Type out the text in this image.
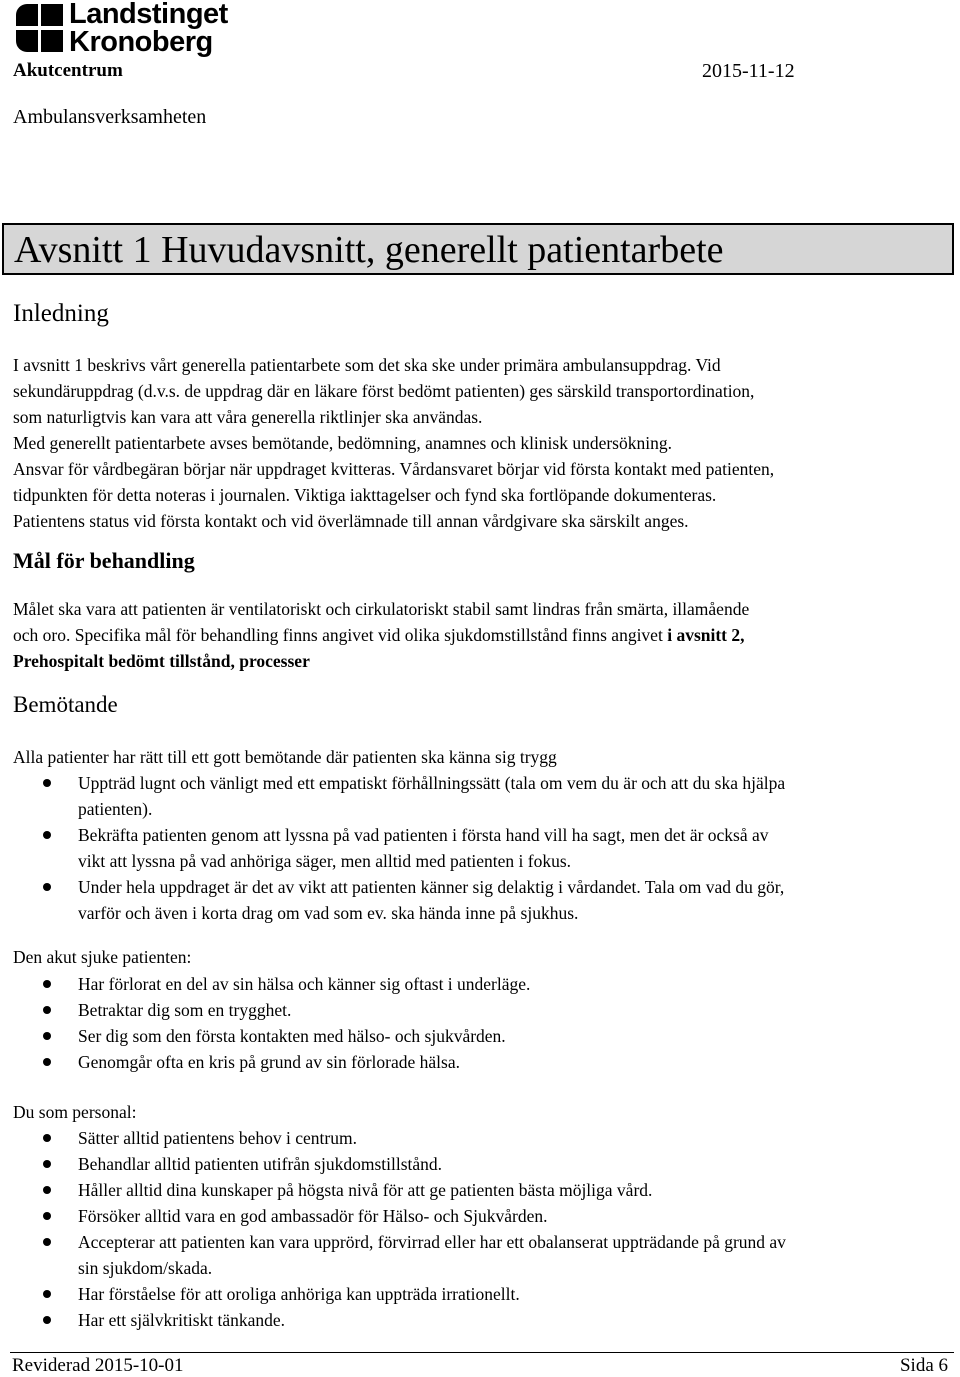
Landstinget
Kronoberg
Akutcentrum	2015-11-12
Ambulansverksamheten
Avsnitt 1 Huvudavsnitt, generellt patientarbete
Inledning
I avsnitt 1 beskrivs vårt generella patientarbete som det ska ske under primära ambulansuppdrag. Vid
sekundäruppdrag (d.v.s. de uppdrag där en läkare först bedömt patienten) ges särskild transportordination,
som naturligtvis kan vara att våra generella riktlinjer ska användas.
Med generellt patientarbete avses bemötande, bedömning, anamnes och klinisk undersökning.
Ansvar för vårdbegäran börjar när uppdraget kvitteras. Vårdansvaret börjar vid första kontakt med patienten,
tidpunkten för detta noteras i journalen. Viktiga iakttagelser och fynd ska fortlöpande dokumenteras.
Patientens status vid första kontakt och vid överlämnade till annan vårdgivare ska särskilt anges.
Mål för behandling
Målet ska vara att patienten är ventilatoriskt och cirkulatoriskt stabil samt lindras från smärta, illamående
och oro. Specifika mål för behandling finns angivet vid olika sjukdomstillstånd finns angivet i avsnitt 2,
Prehospitalt bedömt tillstånd, processer
Bemötande
Alla patienter har rätt till ett gott bemötande där patienten ska känna sig trygg
Uppträd lugnt och vänligt med ett empatiskt förhållningssätt (tala om vem du är och att du ska hjälpa
patienten).
Bekräfta patienten genom att lyssna på vad patienten i första hand vill ha sagt, men det är också av
vikt att lyssna på vad anhöriga säger, men alltid med patienten i fokus.
Under hela uppdraget är det av vikt att patienten känner sig delaktig i vårdandet. Tala om vad du gör,
varför och även i korta drag om vad som ev. ska hända inne på sjukhus.
Den akut sjuke patienten:
Har förlorat en del av sin hälsa och känner sig oftast i underläge.
Betraktar dig som en trygghet.
Ser dig som den första kontakten med hälso- och sjukvården.
Genomgår ofta en kris på grund av sin förlorade hälsa.
Du som personal:
Sätter alltid patientens behov i centrum.
Behandlar alltid patienten utifrån sjukdomstillstånd.
Håller alltid dina kunskaper på högsta nivå för att ge patienten bästa möjliga vård.
Försöker alltid vara en god ambassadör för Hälso- och Sjukvården.
Accepterar att patienten kan vara upprörd, förvirrad eller har ett obalanserat uppträdande på grund av
sin sjukdom/skada.
Har förståelse för att oroliga anhöriga kan uppträda irrationellt.
Har ett självkritiskt tänkande.
Reviderad 2015-10-01	Sida 6
